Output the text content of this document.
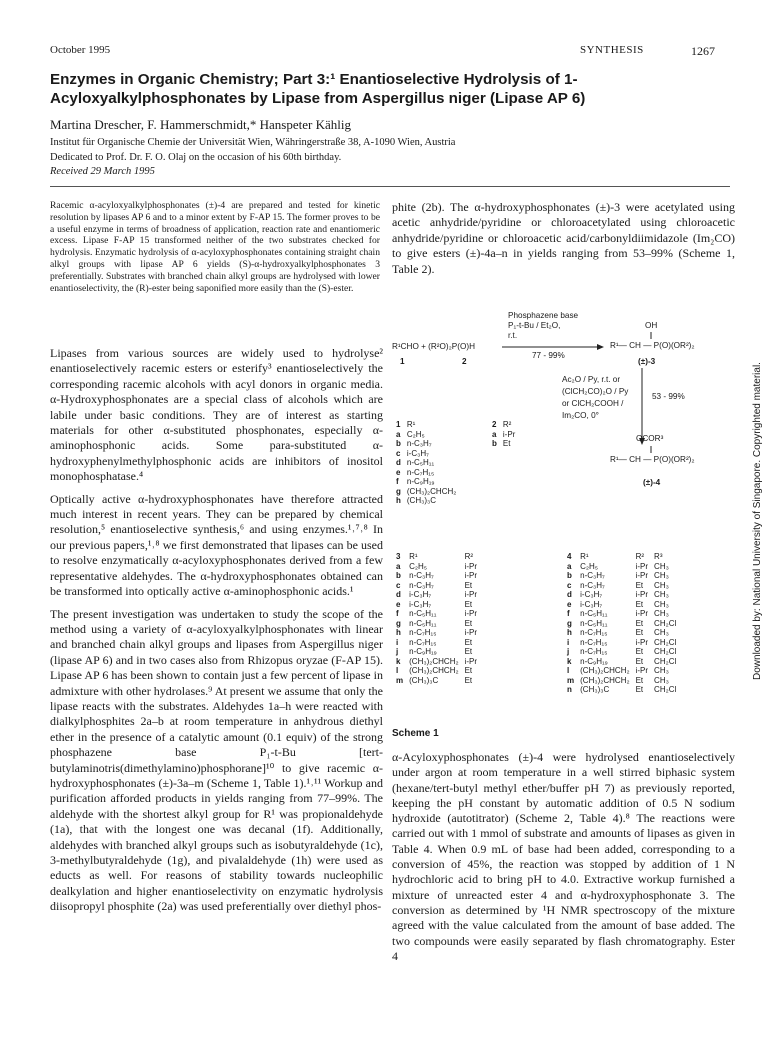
October 1995	SYNTHESIS	1267
Enzymes in Organic Chemistry; Part 3:¹ Enantioselective Hydrolysis of 1-Acyloxyalkylphosphonates by Lipase from Aspergillus niger (Lipase AP 6)
Martina Drescher, F. Hammerschmidt,* Hanspeter Kählig
Institut für Organische Chemie der Universität Wien, Währingerstraße 38, A-1090 Wien, Austria
Dedicated to Prof. Dr. F. O. Olaj on the occasion of his 60th birthday.
Received 29 March 1995

Racemic α-acyloxyalkylphosphonates (±)-4 are prepared and tested for kinetic resolution by lipases AP 6 and to a minor extent by F-AP 15. The former proves to be a useful enzyme in terms of broadness of application, reaction rate and enantiomeric excess. Lipase F-AP 15 transformed neither of the two substrates checked for hydrolysis. Enzymatic hydrolysis of α-acyloxyphosphonates containing straight chain alkyl groups with lipase AP 6 yields (S)-α-hydroxyalkylphosphonates 3 preferentially. Substrates with branched chain alkyl groups are hydrolysed with lower enantioselectivity, the (R)-ester being saponified more easily than the (S)-ester.

Lipases from various sources are widely used to hydrolyse² enantioselectively racemic esters or esterify³ enantioselectively the corresponding racemic alcohols with acyl donors in organic media. α-Hydroxyphosphonates are a special class of alcohols which are labile under basic conditions. They are of interest as starting materials for other α-substituted phosphonates, especially α-aminophosphonic acids. Some para-substituted α-hydroxyphenylmethylphosphonic acids are inhibitors of inositol monophosphatase.⁴

Optically active α-hydroxyphosphonates have therefore attracted much interest in recent years. They can be prepared by chemical resolution,⁵ enantioselective synthesis,⁶ and using enzymes.¹˒⁷˒⁸ In our previous papers,¹˒⁸ we first demonstrated that lipases can be used to resolve enzymatically α-acyloxyphosphonates derived from a few representative aldehydes. The α-hydroxyphosphonates obtained can be transformed into optically active α-aminophosphonic acids.¹

The present investigation was undertaken to study the scope of the method using a variety of α-acyloxyalkylphosphonates with linear and branched chain alkyl groups and lipases from Aspergillus niger (lipase AP 6) and in two cases also from Rhizopus oryzae (F-AP 15). Lipase AP 6 has been shown to contain just a few percent of lipase in admixture with other hydrolases.⁹ At present we assume that only the lipase reacts with the substrates. Aldehydes 1a–h were reacted with dialkylphosphites 2a–b at room temperature in anhydrous diethyl ether in the presence of a catalytic amount (0.1 equiv) of the strong phosphazene base P₁-t-Bu [tert-butylaminotris(dimethylamino)phosphorane]¹⁰ to give racemic α-hydroxyphosphonates (±)-3a–m (Scheme 1, Table 1).¹˒¹¹ Workup and purification afforded products in yields ranging from 77–99%. The aldehyde with the shortest alkyl group for R¹ was propionaldehyde (1a), that with the longest one was decanal (1f). Additionally, aldehydes with branched alkyl groups such as isobutyraldehyde (1c), 3-methylbutyraldehyde (1g), and pivalaldehyde (1h) were used as educts as well. For reasons of stability towards nucleophilic dealkylation and higher enantioselectivity on enzymatic hydrolysis diisopropyl phosphite (2a) was used preferentially over diethyl phos-

phite (2b). The α-hydroxyphosphonates (±)-3 were acetylated using acetic anhydride/pyridine or chloroacetylated using chloroacetic anhydride/pyridine or chloroacetic acid/carbonyldiimidazole (Im₂CO) to give esters (±)-4a–n in yields ranging from 53–99% (Scheme 1, Table 2).

R¹CHO + (R²O)₂P(O)H
1	2
Phosphazene base
P₁-t-Bu / Et₂O,
r.t.
77 - 99%
OH
R¹— CH — P(O)(OR²)₂
(±)-3
Ac₂O / Py, r.t. or
(ClCH₂CO)₂O / Py
or ClCH₂COOH /
Im₂CO, 0°
53 - 99%
OCOR³
R¹— CH — P(O)(OR²)₂
(±)-4
1	R¹
a	C₂H₅
b	n-C₃H₇
c	i-C₃H₇
d	n-C₅H₁₁
e	n-C₇H₁₅
f	n-C₉H₁₉
g	(CH₃)₂CHCH₂
h	(CH₃)₃C
2	R²
a	i-Pr
b	Et
3	R¹	R²
a	C₂H₅	i-Pr
b	n-C₃H₇	i-Pr
c	n-C₃H₇	Et
d	i-C₃H₇	i-Pr
e	i-C₃H₇	Et
f	n-C₅H₁₁	i-Pr
g	n-C₅H₁₁	Et
h	n-C₇H₁₅	i-Pr
i	n-C₇H₁₅	Et
j	n-C₉H₁₉	Et
k	(CH₃)₂CHCH₂	i-Pr
l	(CH₃)₂CHCH₂	Et
m	(CH₃)₃C	Et
4	R¹	R²	R³
a	C₂H₅	i-Pr	CH₃
b	n-C₃H₇	i-Pr	CH₃
c	n-C₃H₇	Et	CH₃
d	i-C₃H₇	i-Pr	CH₃
e	i-C₃H₇	Et	CH₃
f	n-C₅H₁₁	i-Pr	CH₃
g	n-C₅H₁₁	Et	CH₂Cl
h	n-C₇H₁₅	Et	CH₃
i	n-C₇H₁₅	i-Pr	CH₂Cl
j	n-C₇H₁₅	Et	CH₂Cl
k	n-C₉H₁₉	Et	CH₂Cl
l	(CH₃)₂CHCH₂	i-Pr	CH₃
m	(CH₃)₂CHCH₂	Et	CH₃
n	(CH₃)₃C	Et	CH₂Cl
Scheme 1

α-Acyloxyphosphonates (±)-4 were hydrolysed enantioselectively under argon at room temperature in a well stirred biphasic system (hexane/tert-butyl methyl ether/buffer pH 7) as previously reported, keeping the pH constant by automatic addition of 0.5 N sodium hydroxide (autotitrator) (Scheme 2, Table 4).⁸ The reactions were carried out with 1 mmol of substrate and amounts of lipases as given in Table 4. When 0.9 mL of base had been added, corresponding to a conversion of 45%, the reaction was stopped by addition of 1 N hydrochloric acid to bring pH to 4.0. Extractive workup furnished a mixture of unreacted ester 4 and α-hydroxyphosphonate 3. The conversion as determined by ¹H NMR spectroscopy of the mixture agreed with the value calculated from the amount of base added. The two compounds were easily separated by flash chromatography. Ester 4

Downloaded by: National University of Singapore. Copyrighted material.
